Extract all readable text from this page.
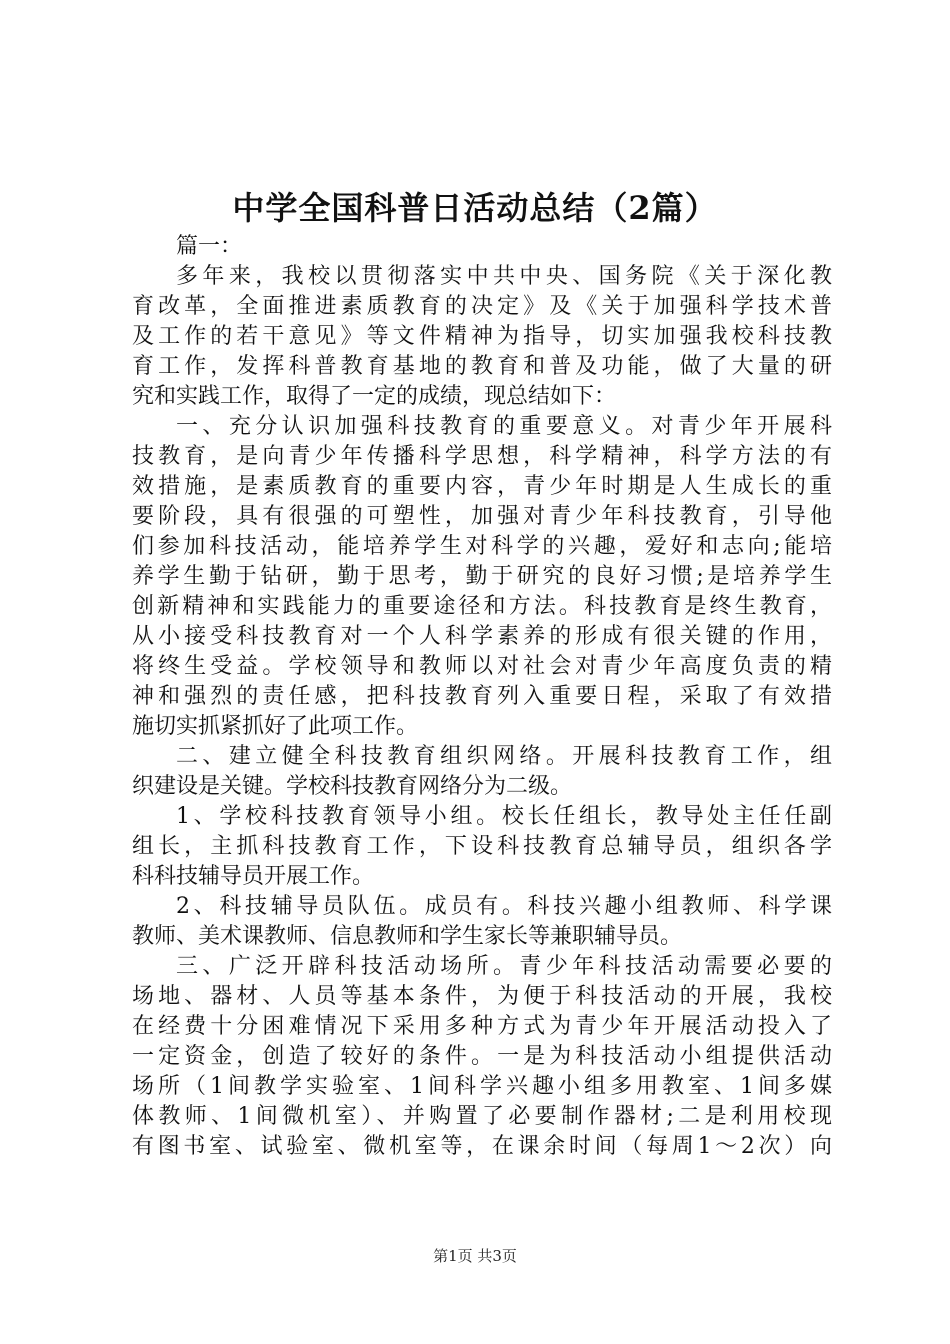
中学全国科普日活动总结（2篇）
篇一：
多年来，我校以贯彻落实中共中央、国务院《关于深化教
育改革，全面推进素质教育的决定》及《关于加强科学技术普
及工作的若干意见》等文件精神为指导，切实加强我校科技教
育工作，发挥科普教育基地的教育和普及功能，做了大量的研
究和实践工作，取得了一定的成绩，现总结如下：
一、充分认识加强科技教育的重要意义。对青少年开展科
技教育，是向青少年传播科学思想，科学精神，科学方法的有
效措施，是素质教育的重要内容，青少年时期是人生成长的重
要阶段，具有很强的可塑性，加强对青少年科技教育，引导他
们参加科技活动，能培养学生对科学的兴趣，爱好和志向;能培
养学生勤于钻研，勤于思考，勤于研究的良好习惯;是培养学生
创新精神和实践能力的重要途径和方法。科技教育是终生教育，
从小接受科技教育对一个人科学素养的形成有很关键的作用，
将终生受益。学校领导和教师以对社会对青少年高度负责的精
神和强烈的责任感，把科技教育列入重要日程，采取了有效措
施切实抓紧抓好了此项工作。
二、建立健全科技教育组织网络。开展科技教育工作，组
织建设是关键。学校科技教育网络分为二级。
1、学校科技教育领导小组。校长任组长，教导处主任任副
组长，主抓科技教育工作，下设科技教育总辅导员，组织各学
科科技辅导员开展工作。
2、科技辅导员队伍。成员有。科技兴趣小组教师、科学课
教师、美术课教师、信息教师和学生家长等兼职辅导员。
三、广泛开辟科技活动场所。青少年科技活动需要必要的
场地、器材、人员等基本条件，为便于科技活动的开展，我校
在经费十分困难情况下采用多种方式为青少年开展活动投入了
一定资金，创造了较好的条件。一是为科技活动小组提供活动
场所（1间教学实验室、1间科学兴趣小组多用教室、1间多媒
体教师、1间微机室）、并购置了必要制作器材;二是利用校现
有图书室、试验室、微机室等，在课余时间（每周1～2次）向
第1页 共3页
